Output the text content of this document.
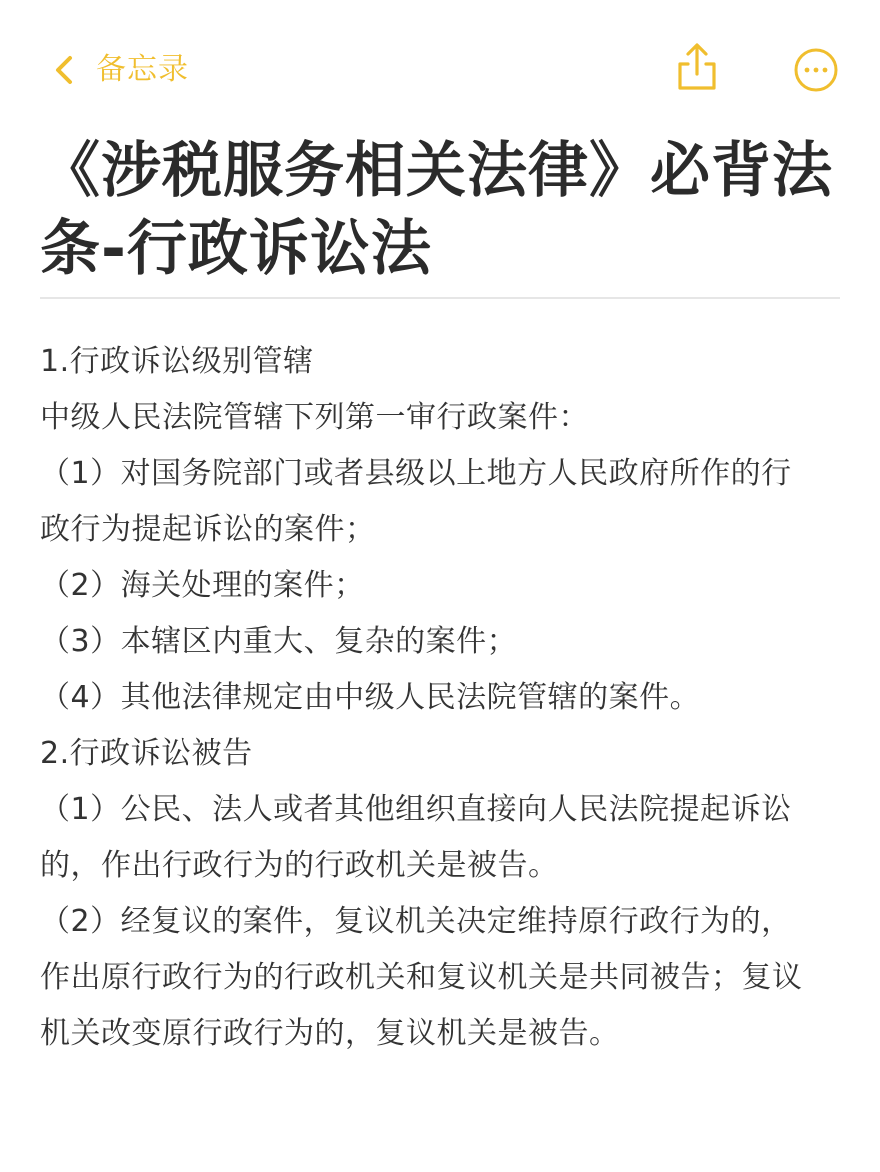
备忘录
《涉税服务相关法律》必背法
条-行政诉讼法
1.行政诉讼级别管辖
中级人民法院管辖下列第一审行政案件：
（1）对国务院部门或者县级以上地方人民政府所作的行
政行为提起诉讼的案件；
（2）海关处理的案件；
（3）本辖区内重大、复杂的案件；
（4）其他法律规定由中级人民法院管辖的案件。
2.行政诉讼被告
（1）公民、法人或者其他组织直接向人民法院提起诉讼
的，作出行政行为的行政机关是被告。
（2）经复议的案件，复议机关决定维持原行政行为的，
作出原行政行为的行政机关和复议机关是共同被告；复议
机关改变原行政行为的，复议机关是被告。
